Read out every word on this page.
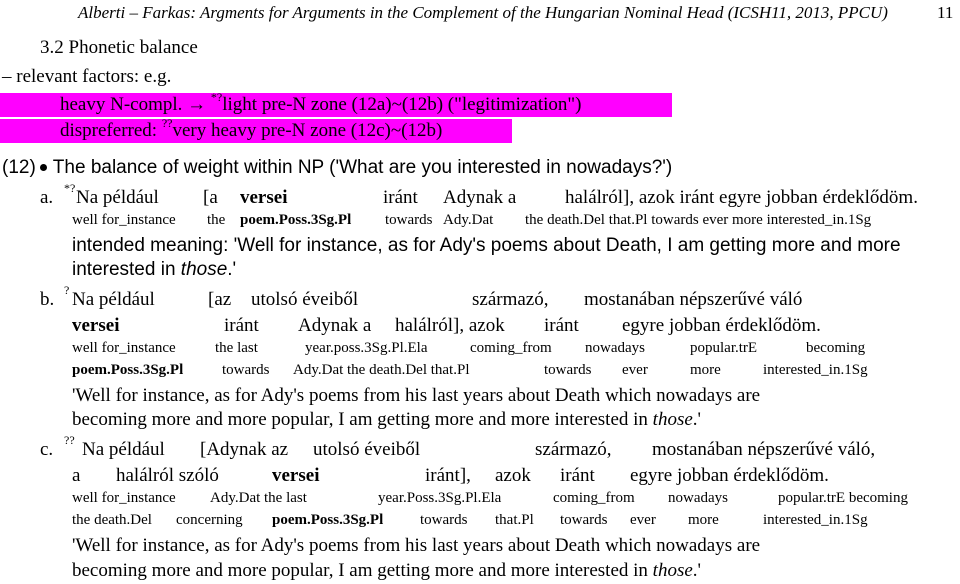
Alberti – Farkas: Argments for Arguments in the Complement of the Hungarian Nominal Head (ICSH11, 2013, PPCU)	11
3.2 Phonetic balance
– relevant factors: e.g.
heavy N-compl. → *?light pre-N zone (12a)~(12b) ("legitimization")
dispreferred: ??very heavy pre-N zone (12c)~(12b)
(12) The balance of weight within NP ('What are you interested in nowadays?')
a. *? Na például [a versei	iránt Adynak a	halálról], azok iránt egyre jobban érdeklődöm.
well for_instance the poem.Poss.3Sg.Pl towards Ady.Dat the death.Del that.Pl towards ever more interested_in.1Sg
intended meaning: 'Well for instance, as for Ady's poems about Death, I am getting more and more
interested in those.'
b. ? Na például	[az utolsó éveiből	származó, mostanában népszerűvé váló
versei	iránt Adynak a halálról], azok iránt egyre jobban érdeklődöm.
well for_instance	the last	year.poss.3Sg.Pl.Ela	coming_from nowadays	popular.trE	becoming
poem.Poss.3Sg.Pl	towards Ady.Dat the death.Del that.Pl	towards ever	more	interested_in.1Sg
'Well for instance, as for Ady's poems from his last years about Death which nowadays are
becoming more and more popular, I am getting more and more interested in those.'
c. ?? Na például [Adynak az utolsó éveiből	származó, mostanában népszerűvé váló,
a halálról szóló	versei	iránt], azok iránt egyre jobban érdeklődöm.
well for_instance Ady.Dat the last	year.Poss.3Sg.Pl.Ela	coming_from nowadays	popular.trE becoming
the death.Del concerning poem.Poss.3Sg.Pl towards that.Pl towards ever more	interested_in.1Sg
'Well for instance, as for Ady's poems from his last years about Death which nowadays are
becoming more and more popular, I am getting more and more interested in those.'
